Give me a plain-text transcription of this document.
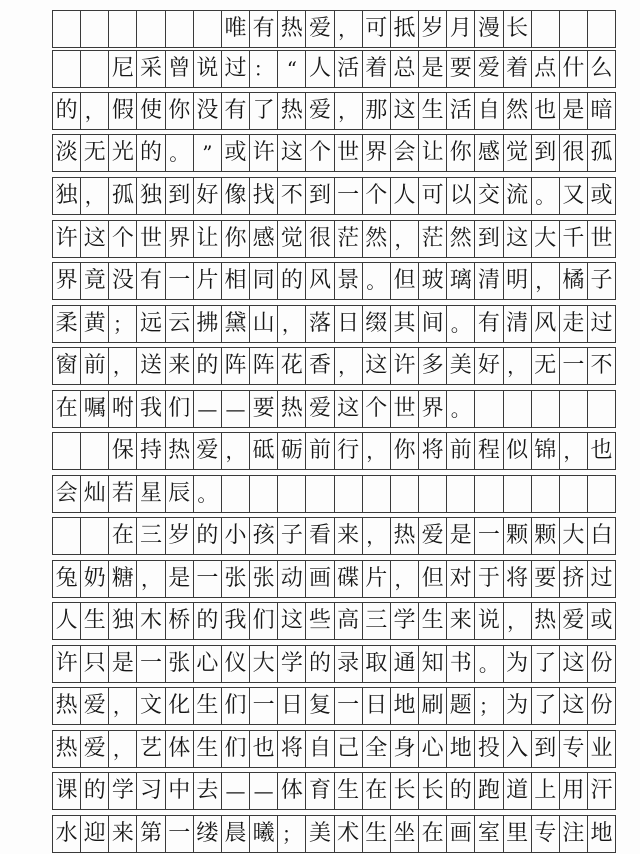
唯 有 热 爱 ， 可 抵 岁 月 漫 长
尼 采 曾 说 过 ： “ 人 活 着 总 是 要 爱 着 点 什 么
的 ， 假 使 你 没 有 了 热 爱 ， 那 这 生 活 自 然 也 是 暗
淡 无 光 的 。 ” 或 许 这 个 世 界 会 让 你 感 觉 到 很 孤
独 ， 孤 独 到 好 像 找 不 到 一 个 人 可 以 交 流 。 又 或
许 这 个 世 界 让 你 感 觉 很 茫 然 ， 茫 然 到 这 大 千 世
界 竟 没 有 一 片 相 同 的 风 景 。 但 玻 璃 清 明 ， 橘 子
柔 黄 ； 远 云 拂 黛 山 ， 落 日 缀 其 间 。 有 清 风 走 过
窗 前 ， 送 来 的 阵 阵 花 香 ， 这 许 多 美 好 ， 无 一 不
在 嘱 咐 我 们 — — 要 热 爱 这 个 世 界 。
保 持 热 爱 ， 砥 砺 前 行 ， 你 将 前 程 似 锦 ， 也
会 灿 若 星 辰 。
在 三 岁 的 小 孩 子 看 来 ， 热 爱 是 一 颗 颗 大 白
兔 奶 糖 ， 是 一 张 张 动 画 碟 片 ， 但 对 于 将 要 挤 过
人 生 独 木 桥 的 我 们 这 些 高 三 学 生 来 说 ， 热 爱 或
许 只 是 一 张 心 仪 大 学 的 录 取 通 知 书 。 为 了 这 份
热 爱 ， 文 化 生 们 一 日 复 一 日 地 刷 题 ； 为 了 这 份
热 爱 ， 艺 体 生 们 也 将 自 己 全 身 心 地 投 入 到 专 业
课 的 学 习 中 去 — — 体 育 生 在 长 长 的 跑 道 上 用 汗
水 迎 来 第 一 缕 晨 曦 ； 美 术 生 坐 在 画 室 里 专 注 地
